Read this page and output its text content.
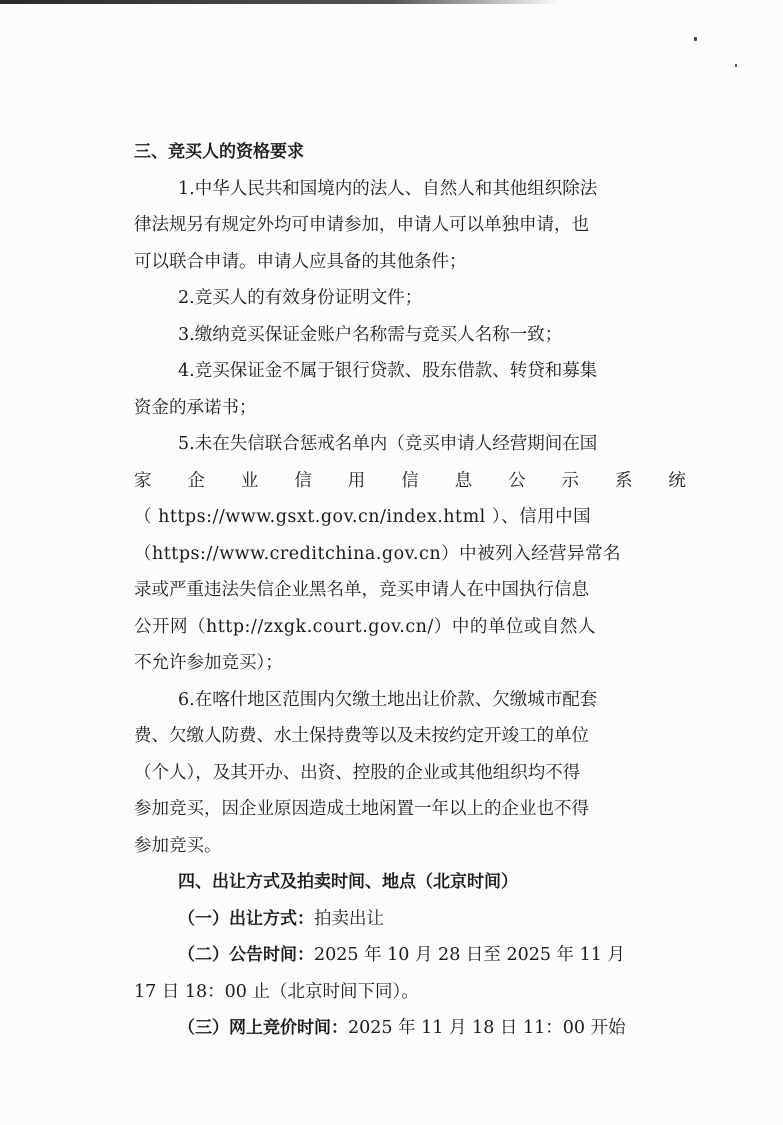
三、竞买人的资格要求
1.中华人民共和国境内的法人、自然人和其他组织除法
律法规另有规定外均可申请参加，申请人可以单独申请，也
可以联合申请。申请人应具备的其他条件；
2.竞买人的有效身份证明文件；
3.缴纳竞买保证金账户名称需与竞买人名称一致；
4.竞买保证金不属于银行贷款、股东借款、转贷和募集
资金的承诺书；
5.未在失信联合惩戒名单内（竞买申请人经营期间在国
家 企 业 信 用 信 息 公 示 系 统
（ https://www.gsxt.gov.cn/index.html ）、信用中国
（https://www.creditchina.gov.cn）中被列入经营异常名
录或严重违法失信企业黑名单，竞买申请人在中国执行信息
公开网（http://zxgk.court.gov.cn/）中的单位或自然人
不允许参加竞买）；
6.在喀什地区范围内欠缴土地出让价款、欠缴城市配套
费、欠缴人防费、水土保持费等以及未按约定开竣工的单位
（个人），及其开办、出资、控股的企业或其他组织均不得
参加竞买，因企业原因造成土地闲置一年以上的企业也不得
参加竞买。
四、出让方式及拍卖时间、地点（北京时间）
（一）出让方式：拍卖出让
（二）公告时间：2025 年 10 月 28 日至 2025 年 11 月
17 日 18：00 止（北京时间下同）。
（三）网上竞价时间：2025 年 11 月 18 日 11：00 开始
